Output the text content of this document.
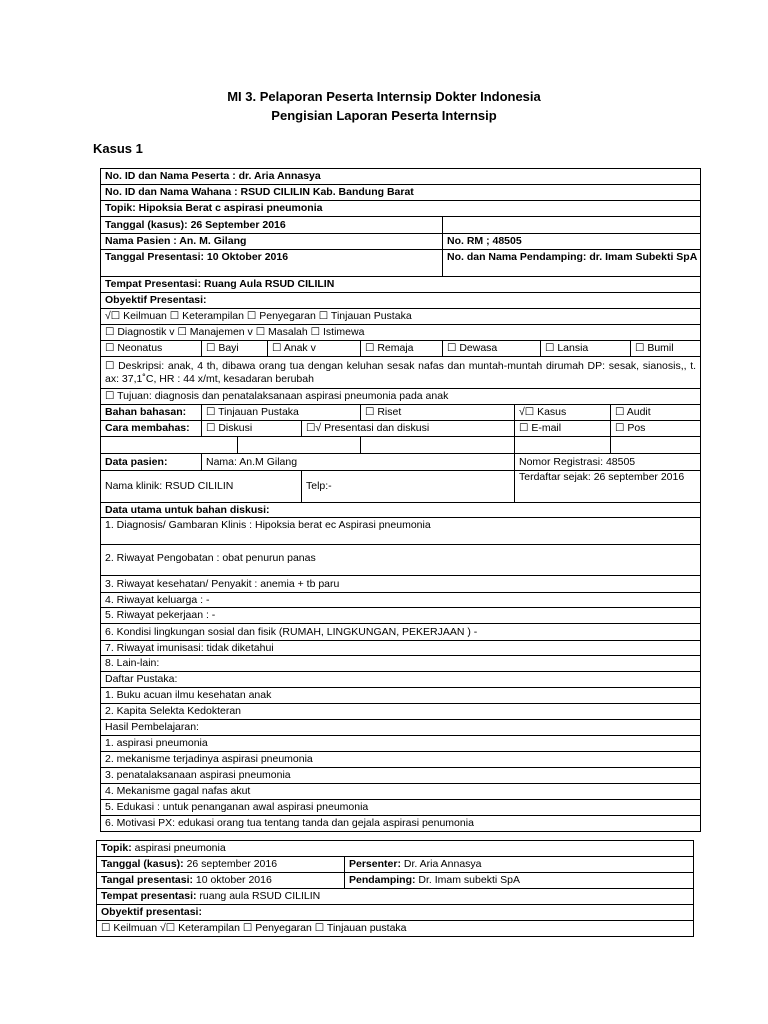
MI 3. Pelaporan Peserta Internsip Dokter Indonesia
Pengisian Laporan Peserta Internsip
Kasus 1
No. ID dan Nama Peserta : dr. Aria Annasya										
No. ID dan Nama Wahana : RSUD CILILIN Kab. Bandung Barat										
Topik: Hipoksia Berat c aspirasi pneumonia										
Tanggal (kasus): 26 September 2016										
Nama Pasien : An. M. Gilang						No. RM ; 48505				
Tanggal Presentasi: 10 Oktober 2016						No. dan Nama Pendamping: dr. Imam Subekti SpA				
Tempat Presentasi: Ruang Aula RSUD CILILIN										
Obyektif Presentasi:										
√☐ Keilmuan ☐ Keterampilan ☐ Penyegaran ☐ Tinjauan Pustaka										
☐ Diagnostik v ☐ Manajemen v ☐ Masalah ☐ Istimewa										
☐ Neonatus	☐ Bayi		☐ Anak v		☐ Remaja	☐ Dewasa		☐ Lansia		☐ Bumil
☐ Deskripsi: anak, 4 th, dibawa orang tua dengan keluhan sesak nafas dan muntah-muntah dirumah DP: sesak, sianosis,, t. ax: 37,1˚C, HR : 44 x/mt, kesadaran berubah										
☐ Tujuan: diagnosis dan penatalaksanaan aspirasi pneumonia pada anak										
Bahan bahasan:	☐ Tinjauan Pustaka				☐ Riset		√☐ Kasus		☐ Audit	
Cara membahas:	☐ Diskusi			☐√ Presentasi dan diskusi			☐ E-mail		☐ Pos	

Data pasien:	Nama: An.M Gilang						Nomor Registrasi: 48505			
Nama klinik: RSUD CILILIN				Telp:-			Terdaftar sejak: 26 september 2016			
Data utama untuk bahan diskusi:										
1. Diagnosis/ Gambaran Klinis : Hipoksia berat ec Aspirasi pneumonia										
2. Riwayat Pengobatan : obat penurun panas										
3. Riwayat kesehatan/ Penyakit : anemia + tb paru										
4. Riwayat keluarga : -										
5. Riwayat pekerjaan : -										
6. Kondisi lingkungan sosial dan fisik (RUMAH, LINGKUNGAN, PEKERJAAN ) -										
7. Riwayat imunisasi: tidak diketahui										
8. Lain-lain:										
Daftar Pustaka:										
1. Buku acuan ilmu kesehatan anak										
2. Kapita Selekta Kedokteran										
Hasil Pembelajaran:										
1. aspirasi pneumonia										
2. mekanisme terjadinya aspirasi pneumonia										
3. penatalaksanaan aspirasi pneumonia										
4. Mekanisme gagal nafas akut										
5. Edukasi : untuk penanganan awal aspirasi pneumonia										
6. Motivasi PX: edukasi orang tua tentang tanda dan gejala aspirasi penumonia										
Topik: aspirasi pneumonia	
Tanggal (kasus): 26 september 2016	Persenter: Dr. Aria Annasya
Tangal presentasi: 10 oktober 2016	Pendamping: Dr. Imam subekti SpA
Tempat presentasi: ruang aula RSUD CILILIN	
Obyektif presentasi:	
☐ Keilmuan √☐ Keterampilan ☐ Penyegaran ☐ Tinjauan pustaka	
